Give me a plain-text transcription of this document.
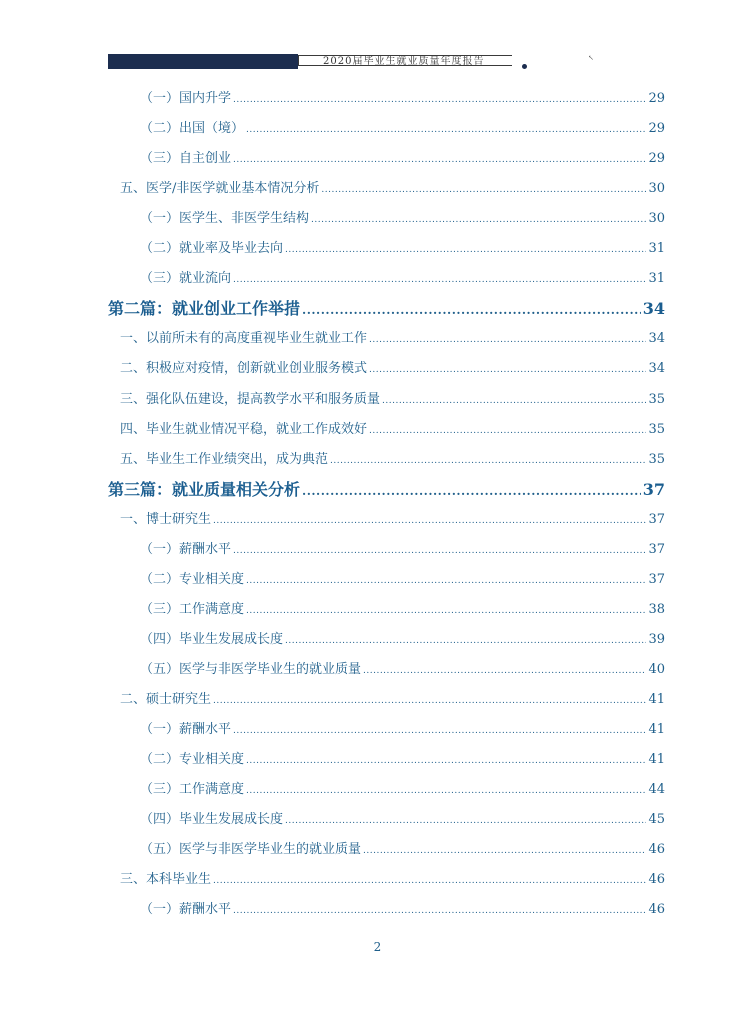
2020届毕业生就业质量年度报告	↖
（一）国内升学 .....	29
（二）出国（境） .....	29
（三）自主创业 .....	29
五、医学/非医学就业基本情况分析 .....	30
（一）医学生、非医学生结构 .....	30
（二）就业率及毕业去向 .....	31
（三）就业流向 .....	31
第二篇：就业创业工作举措 .....	34
一、以前所未有的高度重视毕业生就业工作 .....	34
二、积极应对疫情，创新就业创业服务模式 .....	34
三、强化队伍建设，提高教学水平和服务质量 .....	35
四、毕业生就业情况平稳，就业工作成效好 .....	35
五、毕业生工作业绩突出，成为典范 .....	35
第三篇：就业质量相关分析 .....	37
一、博士研究生 .....	37
（一）薪酬水平 .....	37
（二）专业相关度 .....	37
（三）工作满意度 .....	38
（四）毕业生发展成长度 .....	39
（五）医学与非医学毕业生的就业质量 .....	40
二、硕士研究生 .....	41
（一）薪酬水平 .....	41
（二）专业相关度 .....	41
（三）工作满意度 .....	44
（四）毕业生发展成长度 .....	45
（五）医学与非医学毕业生的就业质量 .....	46
三、本科毕业生 .....	46
（一）薪酬水平 .....	46
2
